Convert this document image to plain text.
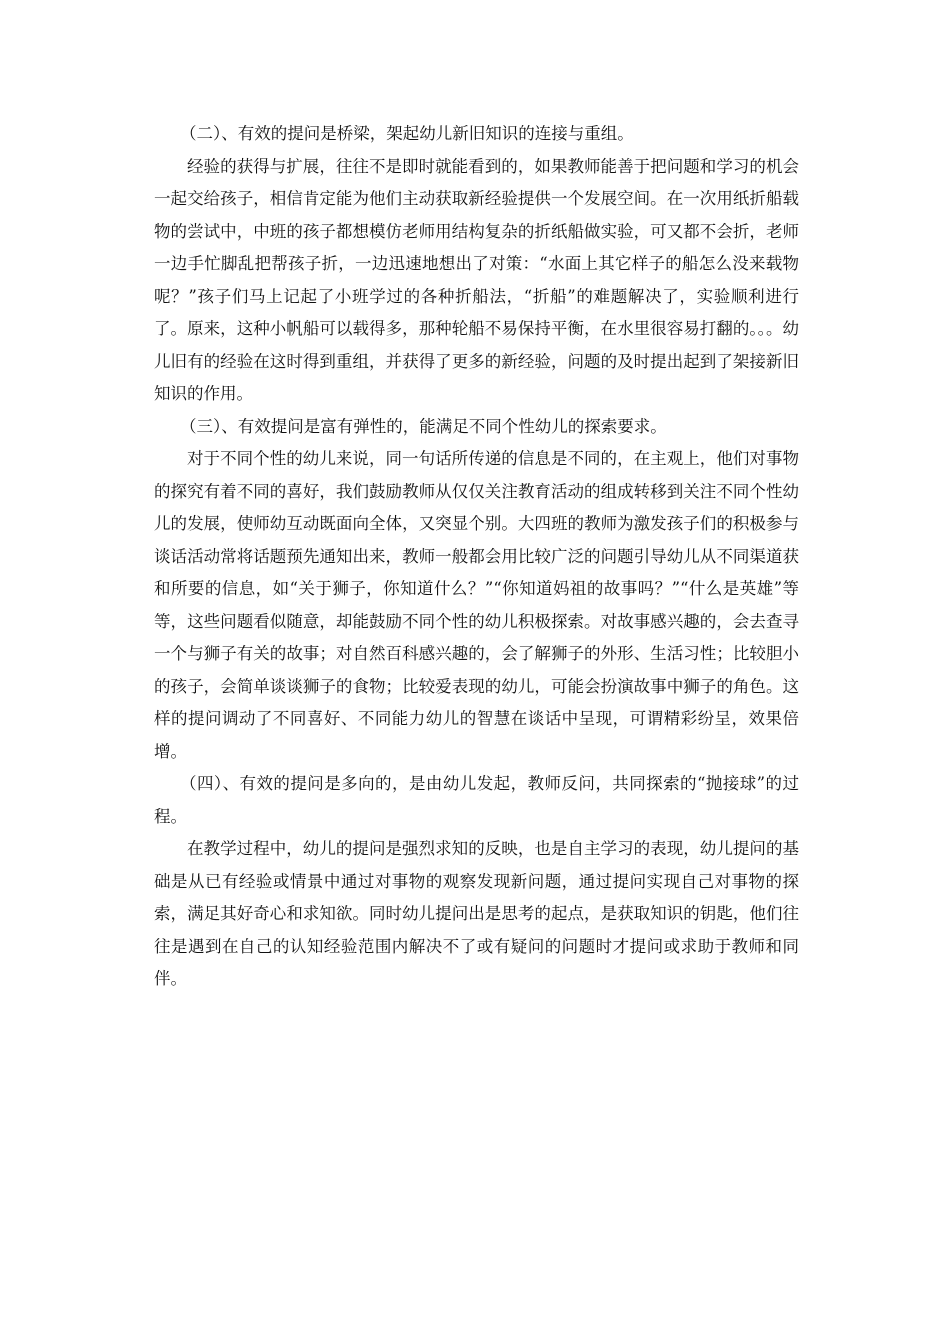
（二）、有效的提问是桥梁，架起幼儿新旧知识的连接与重组。

经验的获得与扩展，往往不是即时就能看到的，如果教师能善于把问题和学习的机会一起交给孩子，相信肯定能为他们主动获取新经验提供一个发展空间。在一次用纸折船载物的尝试中，中班的孩子都想模仿老师用结构复杂的折纸船做实验，可又都不会折，老师一边手忙脚乱把帮孩子折，一边迅速地想出了对策：“水面上其它样子的船怎么没来载物呢？”孩子们马上记起了小班学过的各种折船法，“折船”的难题解决了，实验顺利进行了。原来，这种小帆船可以载得多，那种轮船不易保持平衡，在水里很容易打翻的。。。幼儿旧有的经验在这时得到重组，并获得了更多的新经验，问题的及时提出起到了架接新旧知识的作用。

（三）、有效提问是富有弹性的，能满足不同个性幼儿的探索要求。

对于不同个性的幼儿来说，同一句话所传递的信息是不同的，在主观上，他们对事物的探究有着不同的喜好，我们鼓励教师从仅仅关注教育活动的组成转移到关注不同个性幼儿的发展，使师幼互动既面向全体，又突显个别。大四班的教师为激发孩子们的积极参与谈话活动常将话题预先通知出来，教师一般都会用比较广泛的问题引导幼儿从不同渠道获和所要的信息，如“关于狮子，你知道什么？”“你知道妈祖的故事吗？”“什么是英雄”等等，这些问题看似随意，却能鼓励不同个性的幼儿积极探索。对故事感兴趣的，会去查寻一个与狮子有关的故事；对自然百科感兴趣的，会了解狮子的外形、生活习性；比较胆小的孩子，会简单谈谈狮子的食物；比较爱表现的幼儿，可能会扮演故事中狮子的角色。这样的提问调动了不同喜好、不同能力幼儿的智慧在谈话中呈现，可谓精彩纷呈，效果倍增。

（四）、有效的提问是多向的，是由幼儿发起，教师反问，共同探索的“抛接球”的过程。

在教学过程中，幼儿的提问是强烈求知的反映，也是自主学习的表现，幼儿提问的基础是从已有经验或情景中通过对事物的观察发现新问题，通过提问实现自己对事物的探索，满足其好奇心和求知欲。同时幼儿提问出是思考的起点，是获取知识的钥匙，他们往往是遇到在自己的认知经验范围内解决不了或有疑问的问题时才提问或求助于教师和同伴。
